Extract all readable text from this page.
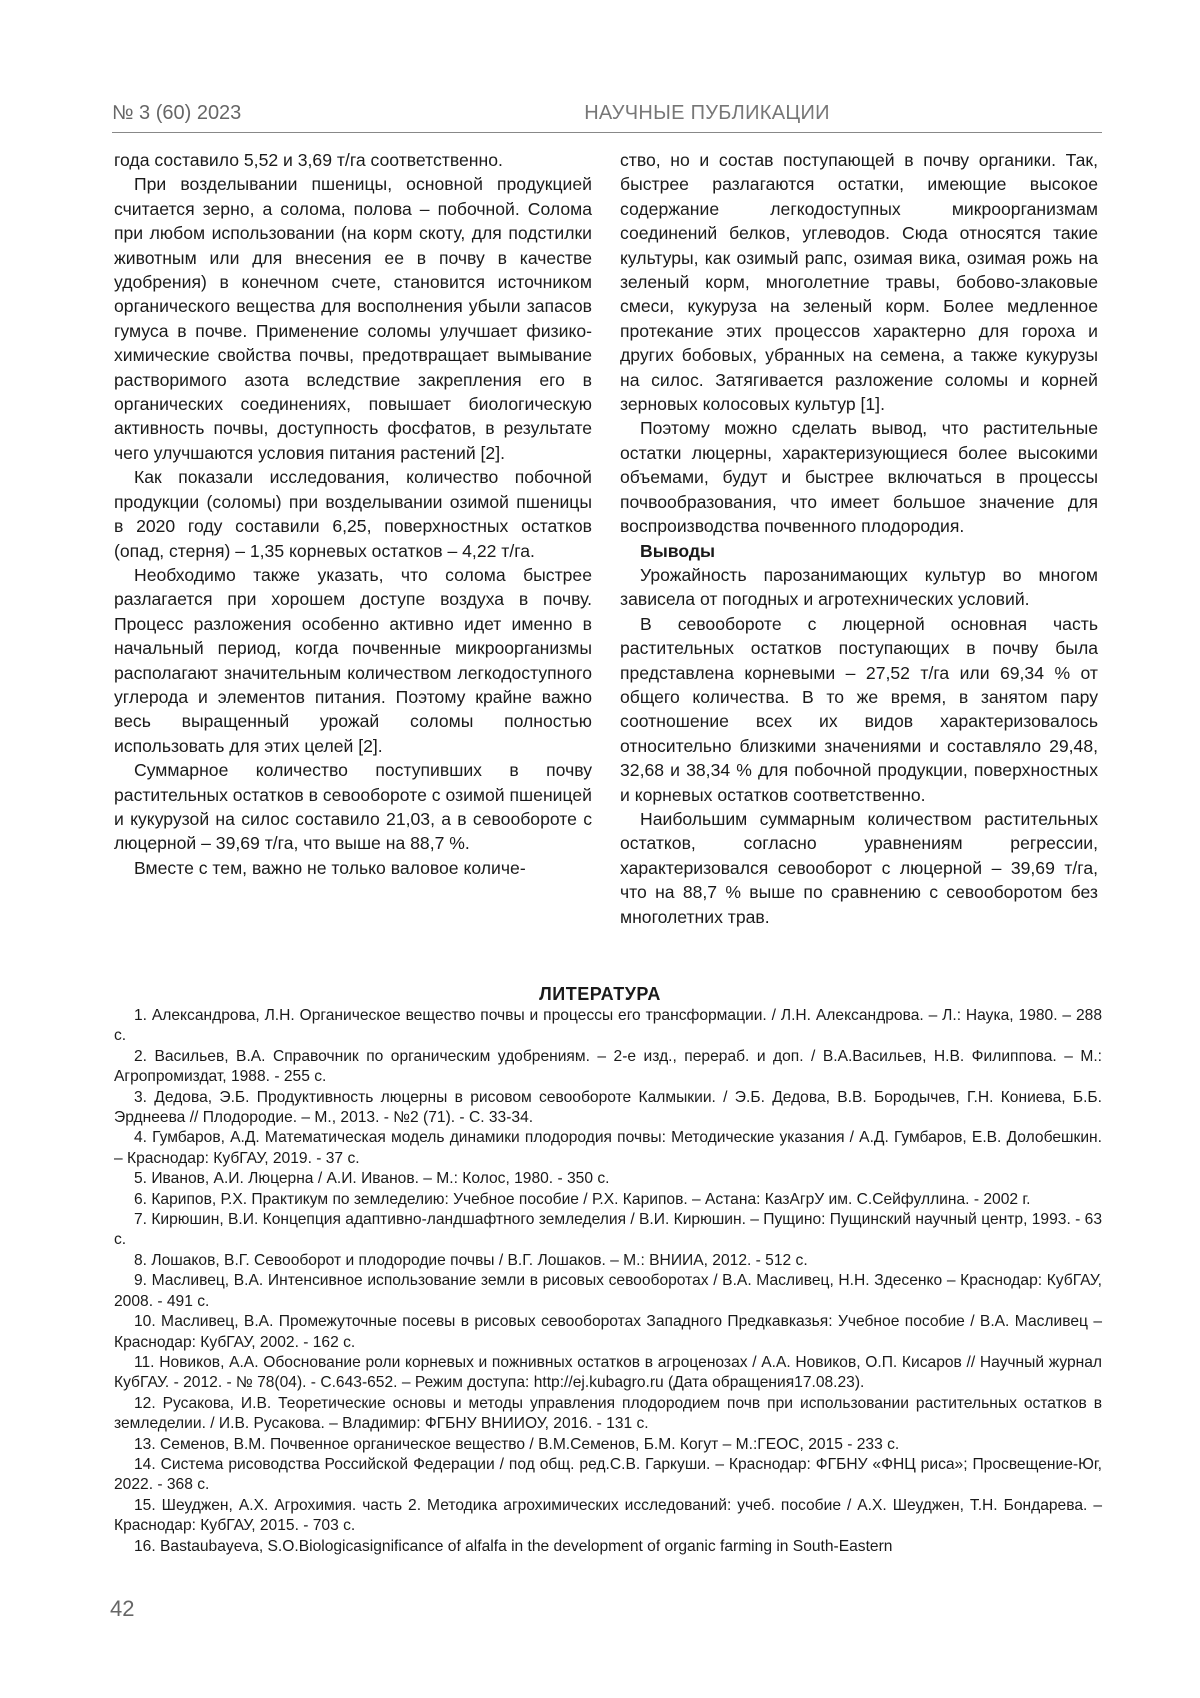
№ 3 (60) 2023	НАУЧНЫЕ ПУБЛИКАЦИИ

года составило 5,52 и 3,69 т/га соответственно.

При возделывании пшеницы, основной продукцией считается зерно, а солома, полова – побочной. Солома при любом использовании (на корм скоту, для подстилки животным или для внесения ее в почву в качестве удобрения) в конечном счете, становится источником органического вещества для восполнения убыли запасов гумуса в почве. Применение соломы улучшает физико-химические свойства почвы, предотвращает вымывание растворимого азота вследствие закрепления его в органических соединениях, повышает биологическую активность почвы, доступность фосфатов, в результате чего улучшаются условия питания растений [2].

Как показали исследования, количество побочной продукции (соломы) при возделывании озимой пшеницы в 2020 году составили 6,25, поверхностных остатков (опад, стерня) – 1,35 корневых остатков – 4,22 т/га.

Необходимо также указать, что солома быстрее разлагается при хорошем доступе воздуха в почву. Процесс разложения особенно активно идет именно в начальный период, когда почвенные микроорганизмы располагают значительным количеством легкодоступного углерода и элементов питания. Поэтому крайне важно весь выращенный урожай соломы полностью использовать для этих целей [2].

Суммарное количество поступивших в почву растительных остатков в севообороте с озимой пшеницей и кукурузой на силос составило 21,03, а в севообороте с люцерной – 39,69 т/га, что выше на 88,7 %.

Вместе с тем, важно не только валовое количе-

ство, но и состав поступающей в почву органики. Так, быстрее разлагаются остатки, имеющие высокое содержание легкодоступных микроорганизмам соединений белков, углеводов. Сюда относятся такие культуры, как озимый рапс, озимая вика, озимая рожь на зеленый корм, многолетние травы, бобово-злаковые смеси, кукуруза на зеленый корм. Более медленное протекание этих процессов характерно для гороха и других бобовых, убранных на семена, а также кукурузы на силос. Затягивается разложение соломы и корней зерновых колосовых культур [1].

Поэтому можно сделать вывод, что растительные остатки люцерны, характеризующиеся более высокими объемами, будут и быстрее включаться в процессы почвообразования, что имеет большое значение для воспроизводства почвенного плодородия.

Выводы

Урожайность парозанимающих культур во многом зависела от погодных и агротехнических условий.

В севообороте с люцерной основная часть растительных остатков поступающих в почву была представлена корневыми – 27,52 т/га или 69,34 % от общего количества. В то же время, в занятом пару соотношение всех их видов характеризовалось относительно близкими значениями и составляло 29,48, 32,68 и 38,34 % для побочной продукции, поверхностных и корневых остатков соответственно.

Наибольшим суммарным количеством растительных остатков, согласно уравнениям регрессии, характеризовался севооборот с люцерной – 39,69 т/га, что на 88,7 % выше по сравнению с севооборотом без многолетних трав.

ЛИТЕРАТУРА

1. Александрова, Л.Н. Органическое вещество почвы и процессы его трансформации. / Л.Н. Александрова. – Л.: Наука, 1980. – 288 с.

2. Васильев, В.А. Справочник по органическим удобрениям. – 2-е изд., перераб. и доп. / В.А.Васильев, Н.В. Филиппова. – М.: Агропромиздат, 1988. - 255 с.

3. Дедова, Э.Б. Продуктивность люцерны в рисовом севообороте Калмыкии. / Э.Б. Дедова, В.В. Бородычев, Г.Н. Кониева, Б.Б. Эрднеева // Плодородие. – М., 2013. - №2 (71). - С. 33-34.

4. Гумбаров, А.Д. Математическая модель динамики плодородия почвы: Методические указания / А.Д. Гумбаров, Е.В. Долобешкин. – Краснодар: КубГАУ, 2019. - 37 с.

5. Иванов, А.И. Люцерна / А.И. Иванов. – М.: Колос, 1980. - 350 с.

6. Карипов, Р.Х. Практикум по земледелию: Учебное пособие / Р.Х. Карипов. – Астана: КазАгрУ им. С.Сейфуллина. - 2002 г.

7. Кирюшин, В.И. Концепция адаптивно-ландшафтного земледелия / В.И. Кирюшин. – Пущино: Пущинский научный центр, 1993. - 63 с.

8. Лошаков, В.Г. Севооборот и плодородие почвы / В.Г. Лошаков. – М.: ВНИИА, 2012. - 512 с.

9. Масливец, В.А. Интенсивное использование земли в рисовых севооборотах / В.А. Масливец, Н.Н. Здесенко – Краснодар: КубГАУ, 2008. - 491 с.

10. Масливец, В.А. Промежуточные посевы в рисовых севооборотах Западного Предкавказья: Учебное пособие / В.А. Масливец – Краснодар: КубГАУ, 2002. - 162 с.

11. Новиков, А.А. Обоснование роли корневых и пожнивных остатков в агроценозах / А.А. Новиков, О.П. Кисаров // Научный журнал КубГАУ. - 2012. - № 78(04). - С.643-652. – Режим доступа: http://ej.kubagro.ru (Дата обращения17.08.23).

12. Русакова, И.В. Теоретические основы и методы управления плодородием почв при использовании растительных остатков в земледелии. / И.В. Русакова. – Владимир: ФГБНУ ВНИИОУ, 2016. - 131 с.

13. Семенов, В.М. Почвенное органическое вещество / В.М.Семенов, Б.М. Когут – М.:ГЕОС, 2015 - 233 с.

14. Система рисоводства Российской Федерации / под общ. ред.С.В. Гаркуши. – Краснодар: ФГБНУ «ФНЦ риса»; Просвещение-Юг, 2022. - 368 с.

15. Шеуджен, А.Х. Агрохимия. часть 2. Методика агрохимических исследований: учеб. пособие / А.Х. Шеуджен, Т.Н. Бондарева. – Краснодар: КубГАУ, 2015. - 703 с.

16. Bastaubayeva, S.O.Biologicasignificance of alfalfa in the development of organic farming in South-Eastern

42
